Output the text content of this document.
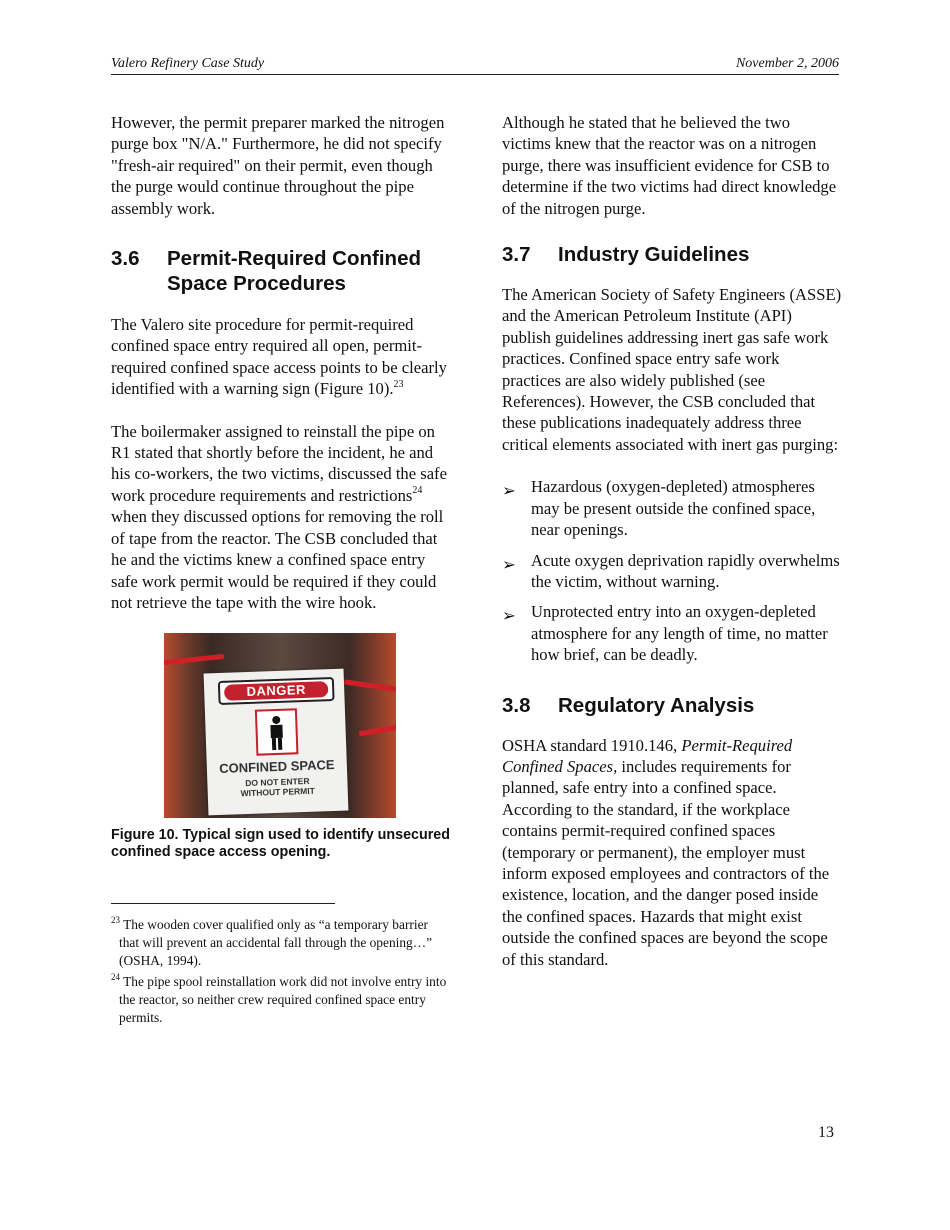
Valero Refinery Case Study	November 2, 2006

However, the permit preparer marked the nitrogen purge box "N/A." Furthermore, he did not specify "fresh-air required" on their permit, even though the purge would continue throughout the pipe assembly work.

3.6	Permit-Required Confined Space Procedures

The Valero site procedure for permit-required confined space entry required all open, permit-required confined space access points to be clearly identified with a warning sign (Figure 10).$^{23}$

The boilermaker assigned to reinstall the pipe on R1 stated that shortly before the incident, he and his co-workers, the two victims, discussed the safe work procedure requirements and restrictions$^{24}$ when they discussed options for removing the roll of tape from the reactor. The CSB concluded that he and the victims knew a confined space entry safe work permit would be required if they could not retrieve the tape with the wire hook.

DANGER
CONFINED SPACE
DO NOT ENTER
WITHOUT PERMIT

Figure 10. Typical sign used to identify unsecured confined space access opening.

$^{23}$ The wooden cover qualified only as “a temporary barrier that will prevent an accidental fall through the opening…” (OSHA, 1994).

$^{24}$ The pipe spool reinstallation work did not involve entry into the reactor, so neither crew required confined space entry permits.

Although he stated that he believed the two victims knew that the reactor was on a nitrogen purge, there was insufficient evidence for CSB to determine if the two victims had direct knowledge of the nitrogen purge.

3.7	Industry Guidelines

The American Society of Safety Engineers (ASSE) and the American Petroleum Institute (API) publish guidelines addressing inert gas safe work practices. Confined space entry safe work practices are also widely published (see References). However, the CSB concluded that these publications inadequately address three critical elements associated with inert gas purging:

➢ Hazardous (oxygen-depleted) atmospheres may be present outside the confined space, near openings.
➢ Acute oxygen deprivation rapidly overwhelms the victim, without warning.
➢ Unprotected entry into an oxygen-depleted atmosphere for any length of time, no matter how brief, can be deadly.
3.8	Regulatory Analysis

OSHA standard 1910.146, Permit-Required Confined Spaces, includes requirements for planned, safe entry into a confined space. According to the standard, if the workplace contains permit-required confined spaces (temporary or permanent), the employer must inform exposed employees and contractors of the existence, location, and the danger posed inside the confined spaces. Hazards that might exist outside the confined spaces are beyond the scope of this standard.

13
